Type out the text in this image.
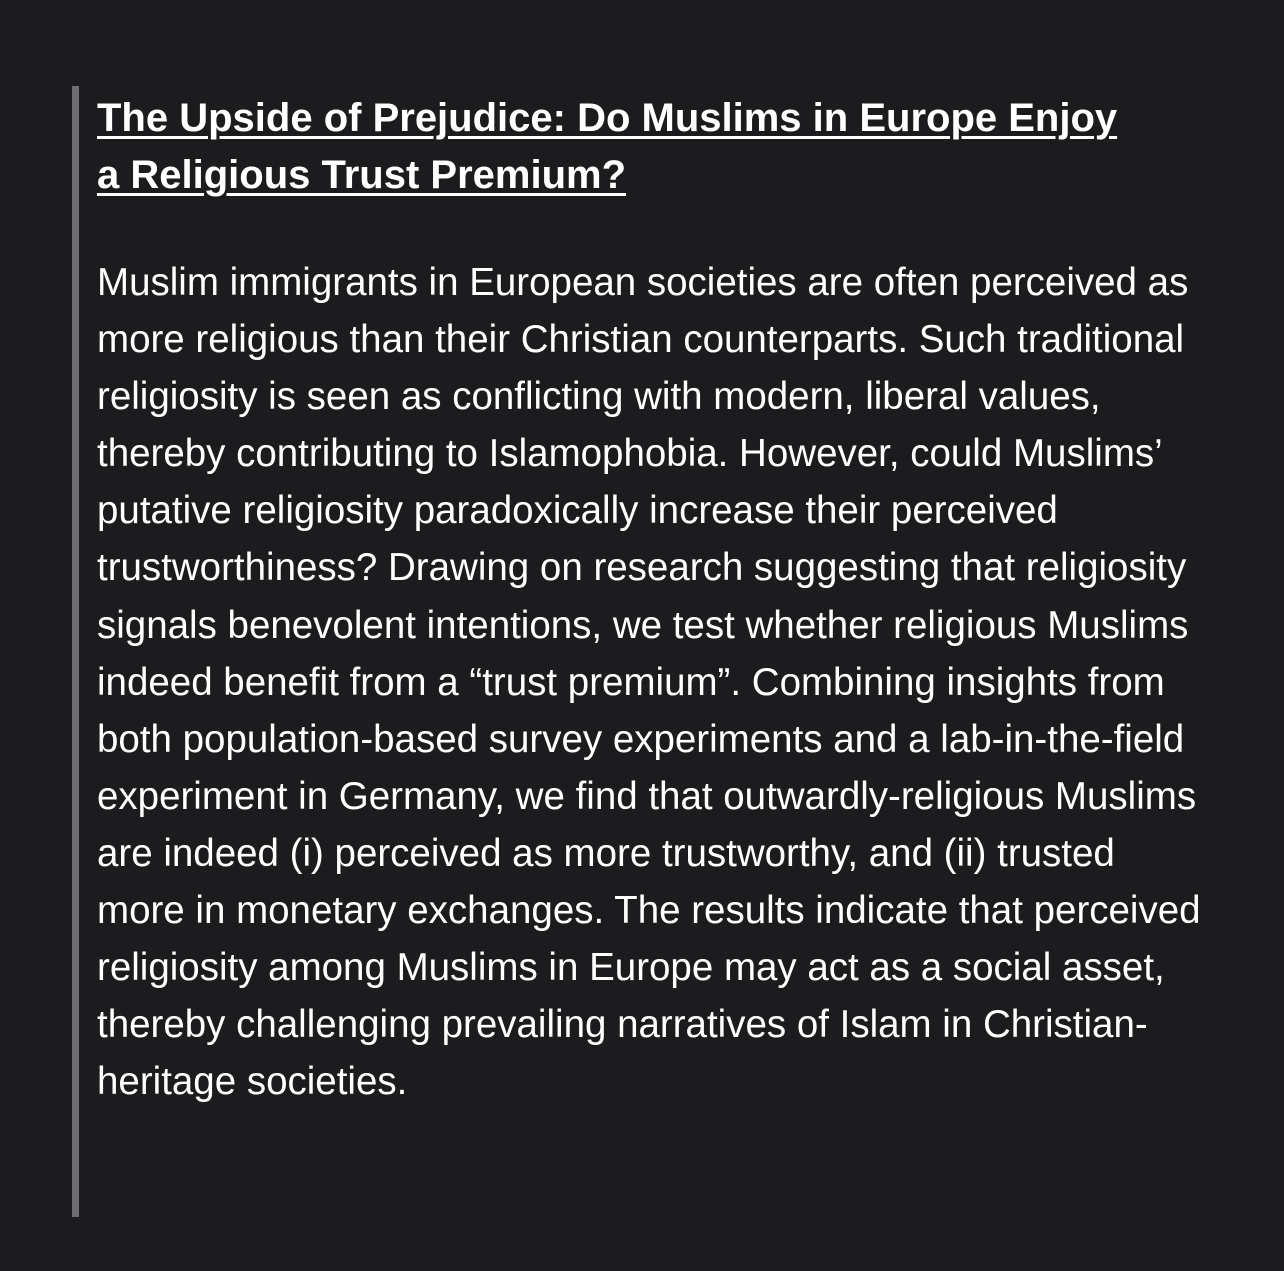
The Upside of Prejudice: Do Muslims in Europe Enjoy a Religious Trust Premium?

Muslim immigrants in European societies are often perceived as more religious than their Christian counterparts. Such traditional religiosity is seen as conflicting with modern, liberal values, thereby contributing to Islamophobia. However, could Muslims’ putative religiosity paradoxically increase their perceived trustworthiness? Drawing on research suggesting that religiosity signals benevolent intentions, we test whether religious Muslims indeed benefit from a “trust premium”. Combining insights from both population-based survey experiments and a lab-in-the-field experiment in Germany, we find that outwardly-religious Muslims are indeed (i) perceived as more trustworthy, and (ii) trusted more in monetary exchanges. The results indicate that perceived religiosity among Muslims in Europe may act as a social asset, thereby challenging prevailing narratives of Islam in Christian-heritage societies.
